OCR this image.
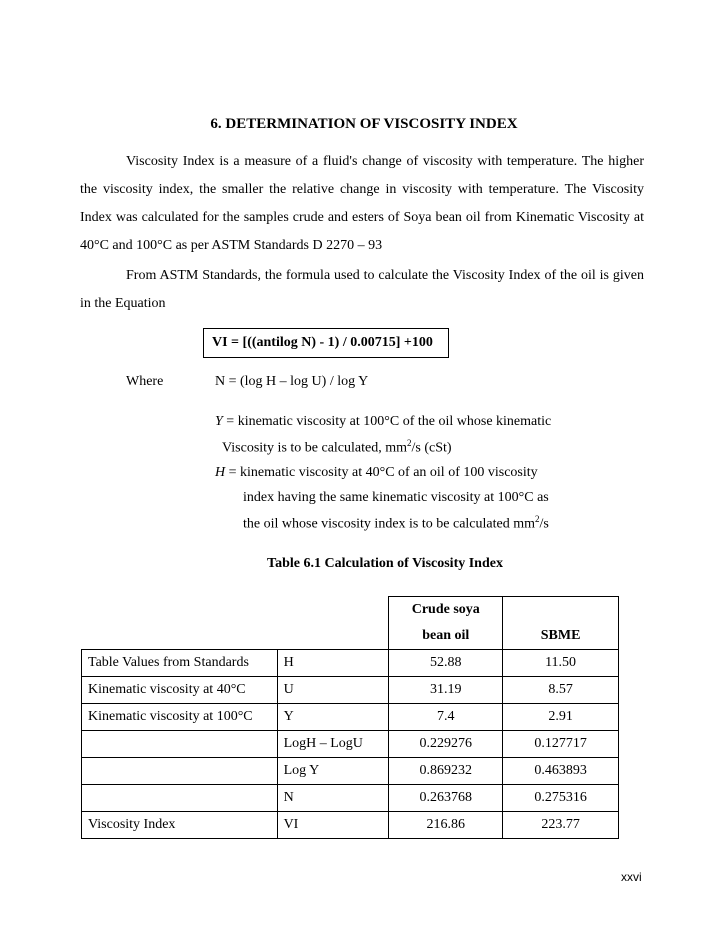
6. DETERMINATION OF VISCOSITY INDEX

Viscosity Index is a measure of a fluid's change of viscosity with temperature. The higher the viscosity index, the smaller the relative change in viscosity with temperature. The Viscosity Index was calculated for the samples crude and esters of Soya bean oil from Kinematic Viscosity at 40°C and 100°C as per ASTM Standards D 2270 – 93

From ASTM Standards, the formula used to calculate the Viscosity Index of the oil is given in the Equation

VI = [((antilog N) - 1) / 0.00715] +100
Where	N = (log H – log U) / log Y
Y = kinematic viscosity at 100°C of the oil whose kinematic
Viscosity is to be calculated, $mm^2/s$ (cSt)
H = kinematic viscosity at 40°C of an oil of 100 viscosity
index having the same kinematic viscosity at 100°C as
the oil whose viscosity index is to be calculated $mm^2/s$
Table 6.1 Calculation of Viscosity Index
		Crude soya	
		bean oil	SBME
Table Values from Standards	H	52.88	11.50
Kinematic viscosity at 40°C	U	31.19	8.57
Kinematic viscosity at 100°C	Y	7.4	2.91
	LogH – LogU	0.229276	0.127717
	Log Y	0.869232	0.463893
	N	0.263768	0.275316
Viscosity Index	VI	216.86	223.77
xxvi
